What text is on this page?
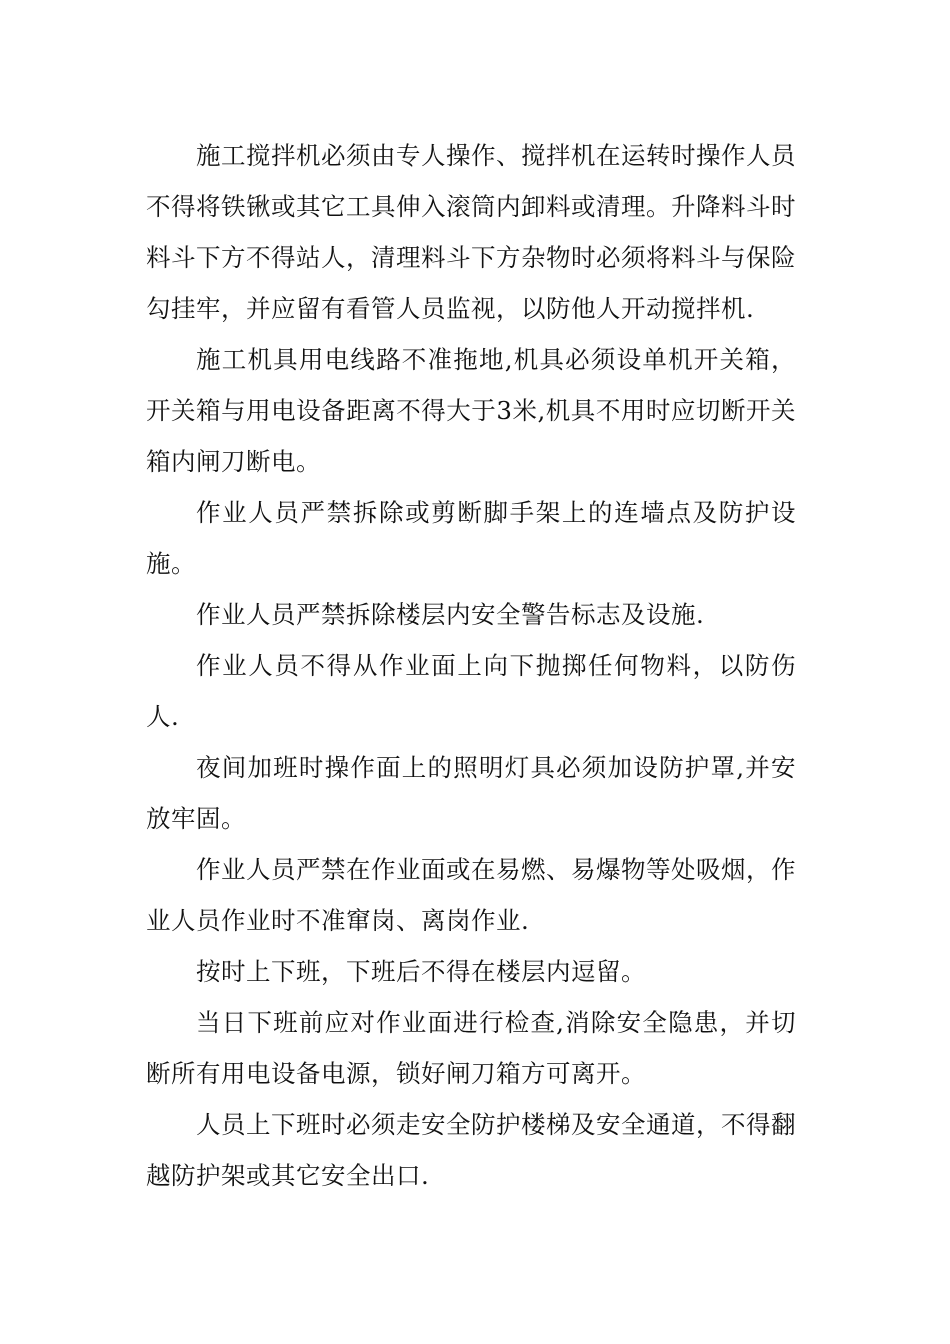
施工搅拌机必须由专人操作、搅拌机在运转时操作人员不得将铁锹或其它工具伸入滚筒内卸料或清理。升降料斗时料斗下方不得站人，清理料斗下方杂物时必须将料斗与保险勾挂牢，并应留有看管人员监视，以防他人开动搅拌机.

施工机具用电线路不准拖地,机具必须设单机开关箱，开关箱与用电设备距离不得大于3米,机具不用时应切断开关箱内闸刀断电。

作业人员严禁拆除或剪断脚手架上的连墙点及防护设施。

作业人员严禁拆除楼层内安全警告标志及设施.

作业人员不得从作业面上向下抛掷任何物料，以防伤人.

夜间加班时操作面上的照明灯具必须加设防护罩,并安放牢固。

作业人员严禁在作业面或在易燃、易爆物等处吸烟，作业人员作业时不准窜岗、离岗作业.

按时上下班，下班后不得在楼层内逗留。

当日下班前应对作业面进行检查,消除安全隐患，并切断所有用电设备电源，锁好闸刀箱方可离开。

人员上下班时必须走安全防护楼梯及安全通道，不得翻越防护架或其它安全出口.
